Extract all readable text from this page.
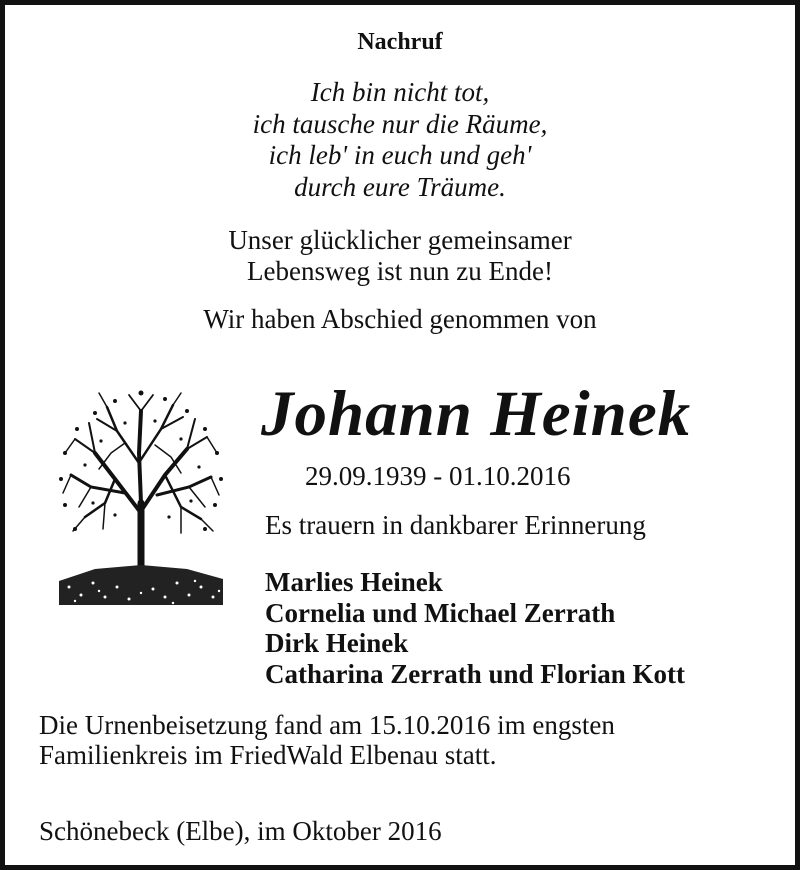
Nachruf
Ich bin nicht tot,
ich tausche nur die Räume,
ich leb' in euch und geh'
durch eure Träume.
Unser glücklicher gemeinsamer
Lebensweg ist nun zu Ende!
Wir haben Abschied genommen von
Johann Heinek
29.09.1939 - 01.10.2016
Es trauern in dankbarer Erinnerung
Marlies Heinek
Cornelia und Michael Zerrath
Dirk Heinek
Catharina Zerrath und Florian Kott
Die Urnenbeisetzung fand am 15.10.2016 im engsten
Familienkreis im FriedWald Elbenau statt.
Schönebeck (Elbe), im Oktober 2016
